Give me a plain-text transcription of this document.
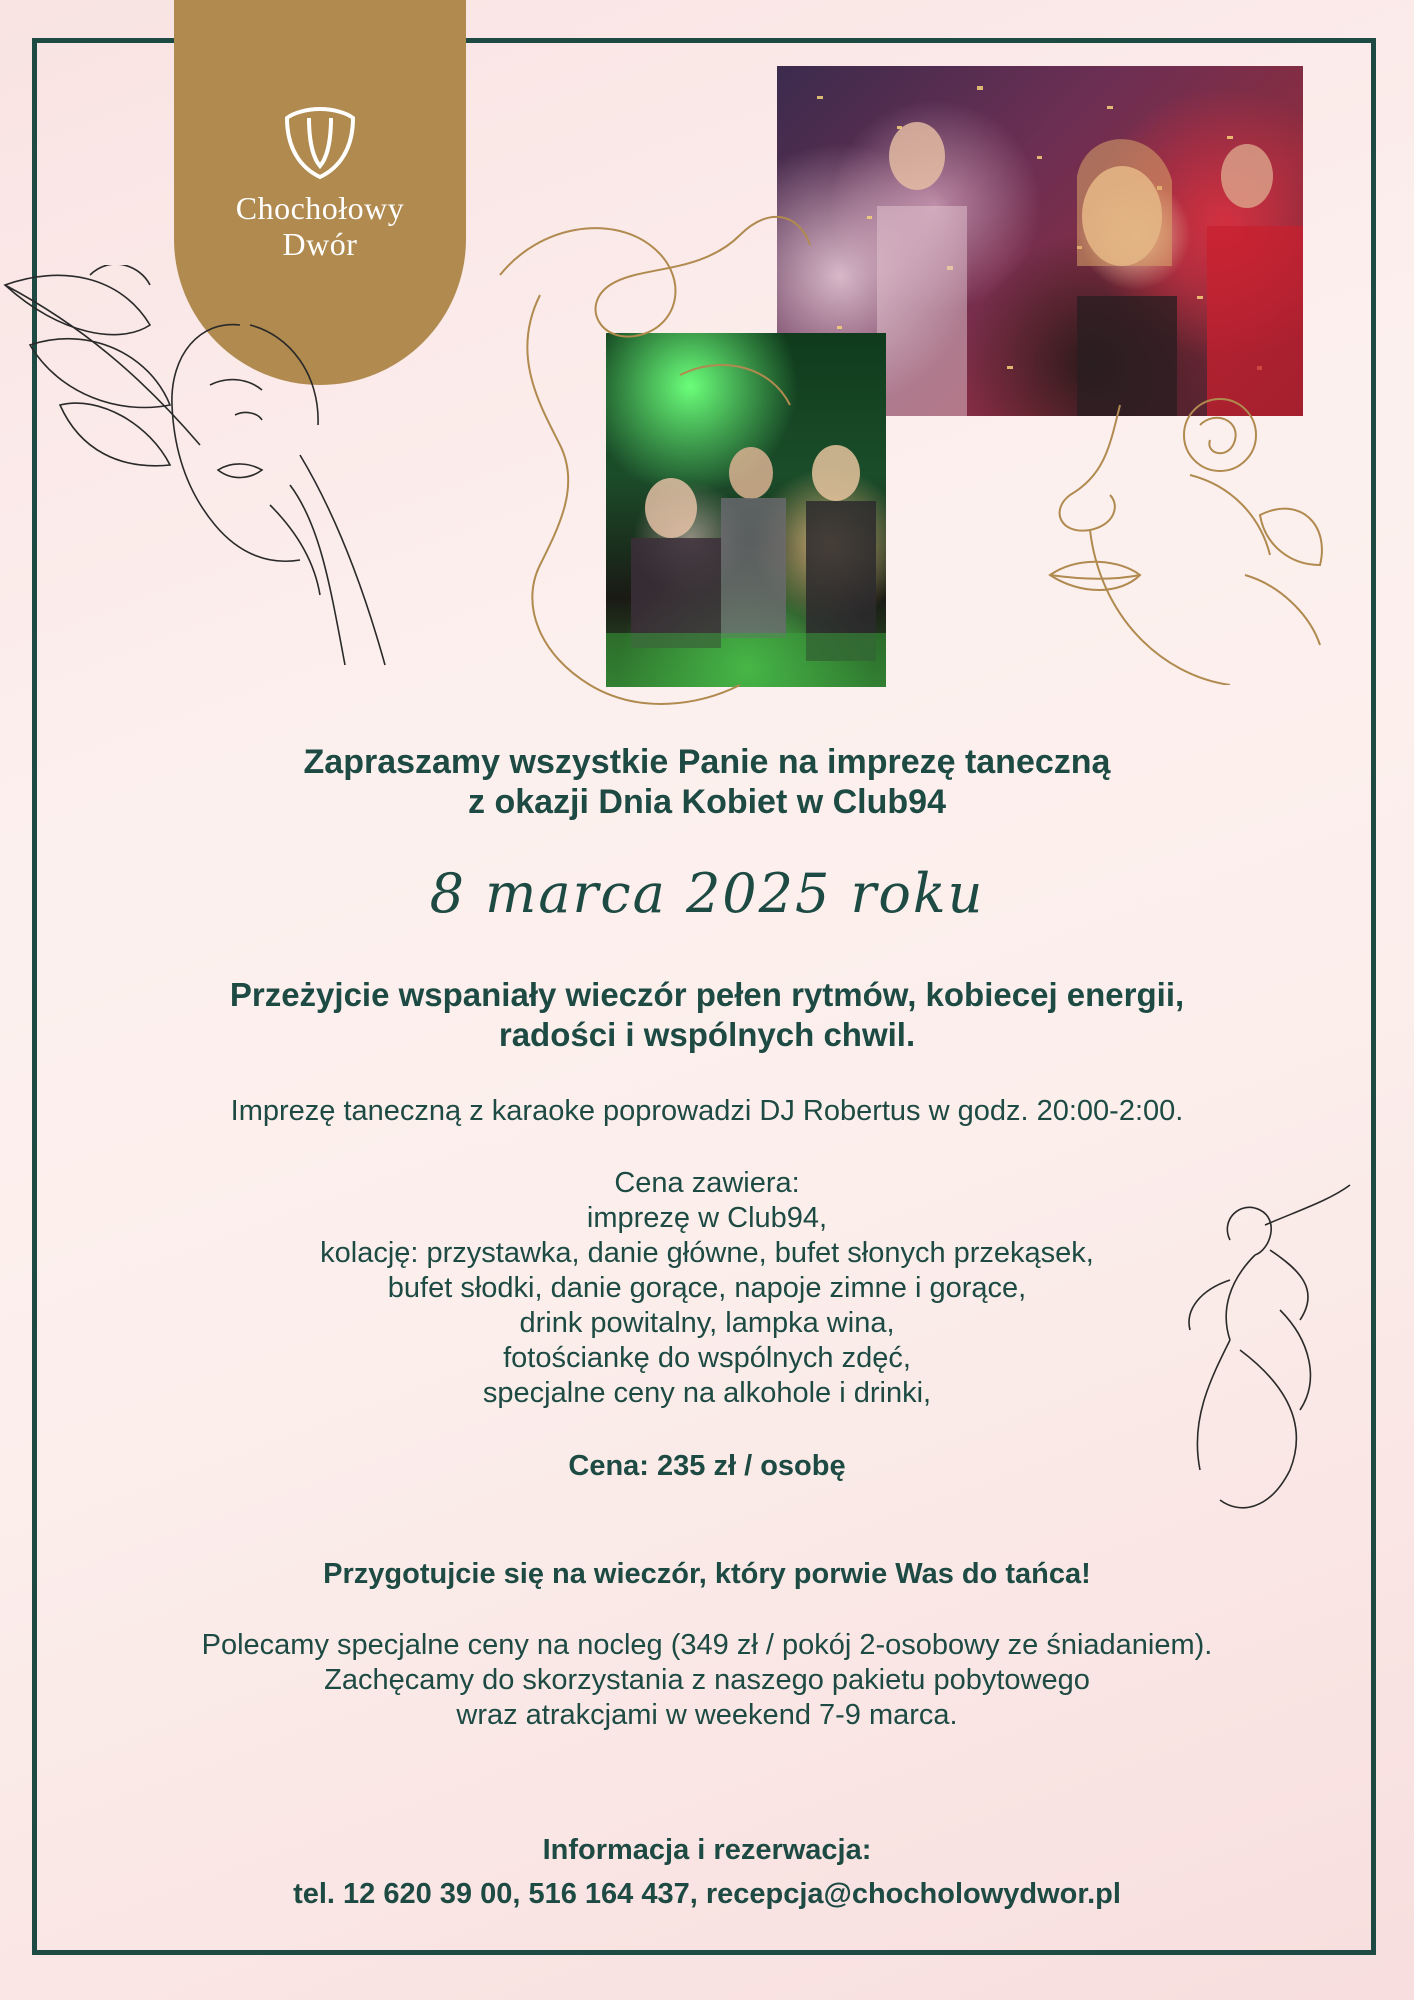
Chochołowy
Dwór
Zapraszamy wszystkie Panie na imprezę taneczną
z okazji Dnia Kobiet w Club94
8 marca 2025 roku
Przeżyjcie wspaniały wieczór pełen rytmów, kobiecej energii,
radości i wspólnych chwil.
Imprezę taneczną z karaoke poprowadzi DJ Robertus w godz. 20:00-2:00.
Cena zawiera:
imprezę w Club94,
kolację: przystawka, danie główne, bufet słonych przekąsek,
bufet słodki, danie gorące, napoje zimne i gorące,
drink powitalny, lampka wina,
fotościankę do wspólnych zdęć,
specjalne ceny na alkohole i drinki,
Cena: 235 zł / osobę
Przygotujcie się na wieczór, który porwie Was do tańca!
Polecamy specjalne ceny na nocleg (349 zł / pokój 2-osobowy ze śniadaniem).
Zachęcamy do skorzystania z naszego pakietu pobytowego
wraz atrakcjami w weekend 7-9 marca.
Informacja i rezerwacja:
tel. 12 620 39 00, 516 164 437, recepcja@chocholowydwor.pl
